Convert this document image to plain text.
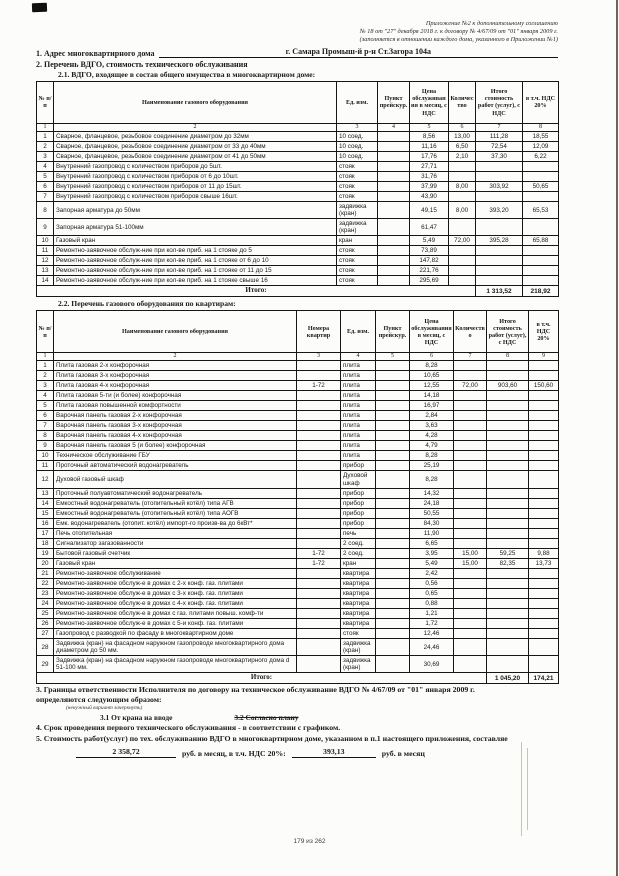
Приложение №2 к дополнительному соглашению
№ 18 от "27" декабря 2018 г. к договору № 4/67/09 от "01" января 2009 г.
(заполняется в отношении каждого дома, указанного в Приложении №1)
1. Адрес многоквартирного дома	г. Самара Промыш-й р-н Ст.Загора 104а
2. Перечень ВДГО, стоимость технического обслуживания
2.1. ВДГО, входящее в состав общего имущества в многоквартирном доме:
№ п/п	Наименование газового оборудования	Ед. изм.	Пункт прейскур.	Цена обслуживания в месяц, с НДС	Количество	Итого стоимость работ (услуг), с НДС	в т.ч. НДС 20%
1	2	3	4	5	6	7	8
1	Сварное, фланцевое, резьбовое соединение диаметром до 32мм	10 соед.		8,56	13,00	111,28	18,55
2	Сварное, фланцевое, резьбовое соединение диаметром от 33 до 40мм	10 соед.		11,16	6,50	72,54	12,09
3	Сварное, фланцевое, резьбовое соединение диаметром от 41 до 50мм	10 соед.		17,76	2,10	37,30	6,22
4	Внутренний газопровод с количеством приборов до 5шт.	стояк		27,71			
5	Внутренний газопровод с количеством приборов от 6 до 10шт.	стояк		31,76			
6	Внутренний газопровод с количеством приборов от 11 до 15шт.	стояк		37,99	8,00	303,92	50,65
7	Внутренний газопровод с количеством приборов свыше 16шт.	стояк		43,90			
8	Запорная арматура до 50мм	задвижка (кран)		49,15	8,00	393,20	65,53
9	Запорная арматура 51-100мм	задвижка (кран)		61,47			
10	Газовый кран	кран		5,49	72,00	395,28	65,88
11	Ремонтно-заявочное обслуж-ние при кол-ве приб. на 1 стояке до 5	стояк		73,89			
12	Ремонтно-заявочное обслуж-ние при кол-ве приб. на 1 стояке от 6 до 10	стояк		147,82			
13	Ремонтно-заявочное обслуж-ние при кол-ве приб. на 1 стояке от 11 до 15	стояк		221,76			
14	Ремонтно-заявочное обслуж-ние при кол-ве приб. на 1 стояке свыше 16	стояк		295,69			
Итого:						1 313,52	218,92
2.2. Перечень газового оборудования по квартирам:
№ п/п	Наименование газового оборудования	Номера квартир	Ед. изм.	Пункт прейскур.	Цена обслуживания в месяц, с НДС	Количество	Итого стоимость работ (услуг), с НДС	в т.ч. НДС 20%
1	2	3	4	5	6	7	8	9
1	Плита газовая 2-х конфорочная		плита		8,28			
2	Плита газовая 3-х конфорочная		плита		10,65			
3	Плита газовая 4-х конфорочная	1-72	плита		12,55	72,00	903,60	150,60
4	Плита газовая 5-ти (и более) конфорочная		плита		14,18			
5	Плита газовая повышенной комфортности		плита		16,97			
6	Варочная панель газовая 2-х конфорочная		плита		2,84			
7	Варочная панель газовая 3-х конфорочная		плита		3,63			
8	Варочная панель газовая 4-х конфорочная		плита		4,28			
9	Варочная панель газовая 5 (и более) конфорочная		плита		4,79			
10	Техническое обслуживание ГБУ		плита		8,28			
11	Проточный автоматический водонагреватель		прибор		25,19			
12	Духовой газовый шкаф		Духовой шкаф		8,28			
13	Проточный полуавтоматический водонагреватель		прибор		14,32			
14	Емкостный водонагреватель (отопительный котёл) типа АГВ		прибор		24,18			
15	Емкостный водонагреватель (отопительный котёл) типа АОГВ		прибор		50,55			
16	Емк. водонагреватель (отопит. котёл) импорт-го произв-ва до 6кВт*		прибор		84,30			
17	Печь отопительная		печь		11,90			
18	Сигнализатор загазованности		2 соед.		6,65			
19	Бытовой газовый счетчик	1-72	2 соед.		3,95	15,00	59,25	9,88
20	Газовый кран	1-72	кран		5,49	15,00	82,35	13,73
21	Ремонтно-заявочное обслуживание		квартира		2,42			
22	Ремонтно-заявочное обслуж-е в домах с 2-х конф. газ. плитами		квартира		0,56			
23	Ремонтно-заявочное обслуж-е в домах с 3-х конф. газ. плитами		квартира		0,65			
24	Ремонтно-заявочное обслуж-е в домах с 4-х конф. газ. плитами		квартира		0,88			
25	Ремонтно-заявочное обслуж-е в домах с газ. плитами повыш. комф-ти		квартира		1,21			
26	Ремонтно-заявочное обслуж-е в домах с 5-и конф. газ. плитами		квартира		1,72			
27	Газопровод с разводкой по фасаду в многоквартирном доме		стояк		12,46			
28	Задвижка (кран) на фасадном наружном газопроводе многоквартирного дома диаметром до 50 мм.		задвижка (кран)		24,46			
29	Задвижка (кран) на фасадном наружном газопроводе многоквартирного дома d 51-100 мм.		задвижка (кран)		30,69			
Итого:							1 045,20	174,21
3. Границы ответственности Исполнителя по договору на техническое обслуживание ВДГО № 4/67/09 от "01" января 2009 г.
определяются следующим образом:
(ненужный вариант зачеркнуть)
3.1 От крана на вводе	3.2 Согласно плану
4. Срок проведения первого технического обслуживания - в соответствии с графиком.
5. Стоимость работ(услуг) по тех. обслуживанию ВДГО в многоквартирном доме, указанном в п.1 настоящего приложения, составляе
2 358,72	руб. в месяц, в т.ч. НДС 20%:	393,13	руб. в месяц
179 из 262
